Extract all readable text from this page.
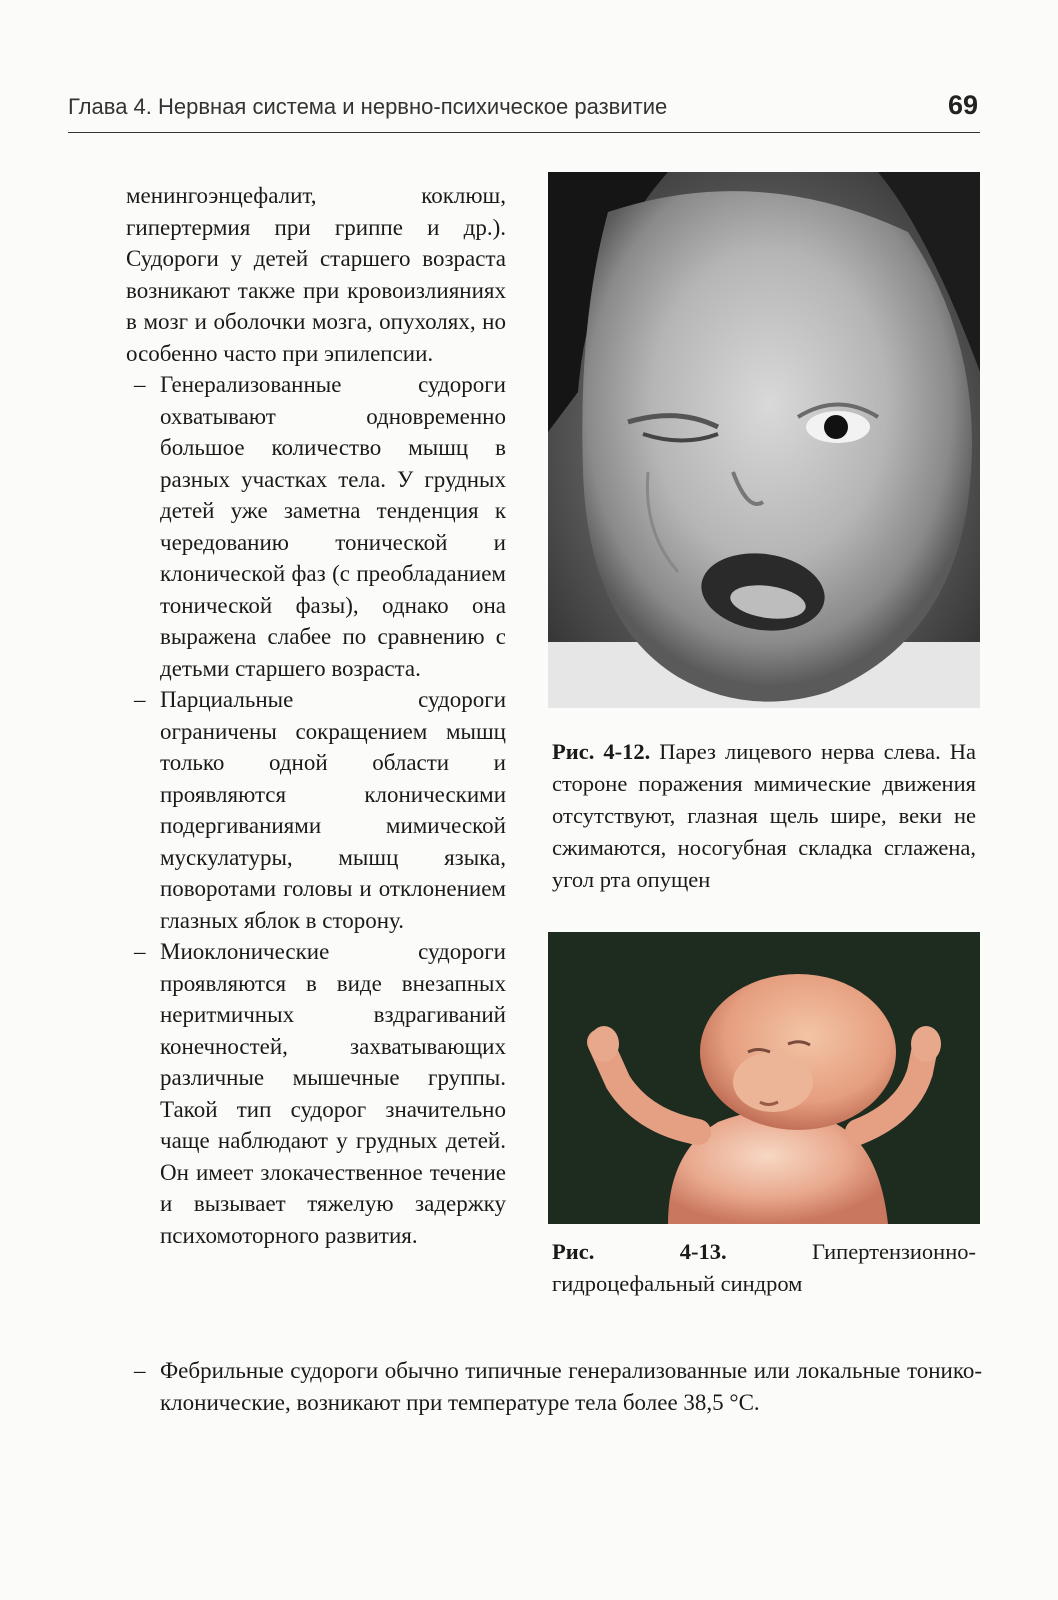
Глава 4. Нервная система и нервно-психическое развитие	69

менингоэнцефалит, коклюш, гипертермия при гриппе и др.). Судороги у детей старшего возраста возникают также при кровоизлияниях в мозг и оболочки мозга, опухолях, но особенно часто при эпилепсии.

– Генерализованные судороги охватывают одновременно большое количество мышц в разных участках тела. У грудных детей уже заметна тенденция к чередованию тонической и клонической фаз (с преобладанием тонической фазы), однако она выражена слабее по сравнению с детьми старшего возраста.

– Парциальные судороги ограничены сокращением мышц только одной области и проявляются клоническими подергиваниями мимической мускулатуры, мышц языка, поворотами головы и отклонением глазных яблок в сторону.

– Миоклонические судороги проявляются в виде внезапных неритмичных вздрагиваний конечностей, захватывающих различные мышечные группы. Такой тип судорог значительно чаще наблюдают у грудных детей. Он имеет злокачественное течение и вызывает тяжелую задержку психомоторного развития.

– Фебрильные судороги обычно типичные генерализованные или локальные тонико-клонические, возникают при температуре тела более 38,5 °С.

Рис. 4-12. Парез лицевого нерва слева. На стороне поражения мимические движения отсутствуют, глазная щель шире, веки не сжимаются, носогубная складка сглажена, угол рта опущен
Рис. 4-13.	Гипертензионно-гидроцефальный синдром
